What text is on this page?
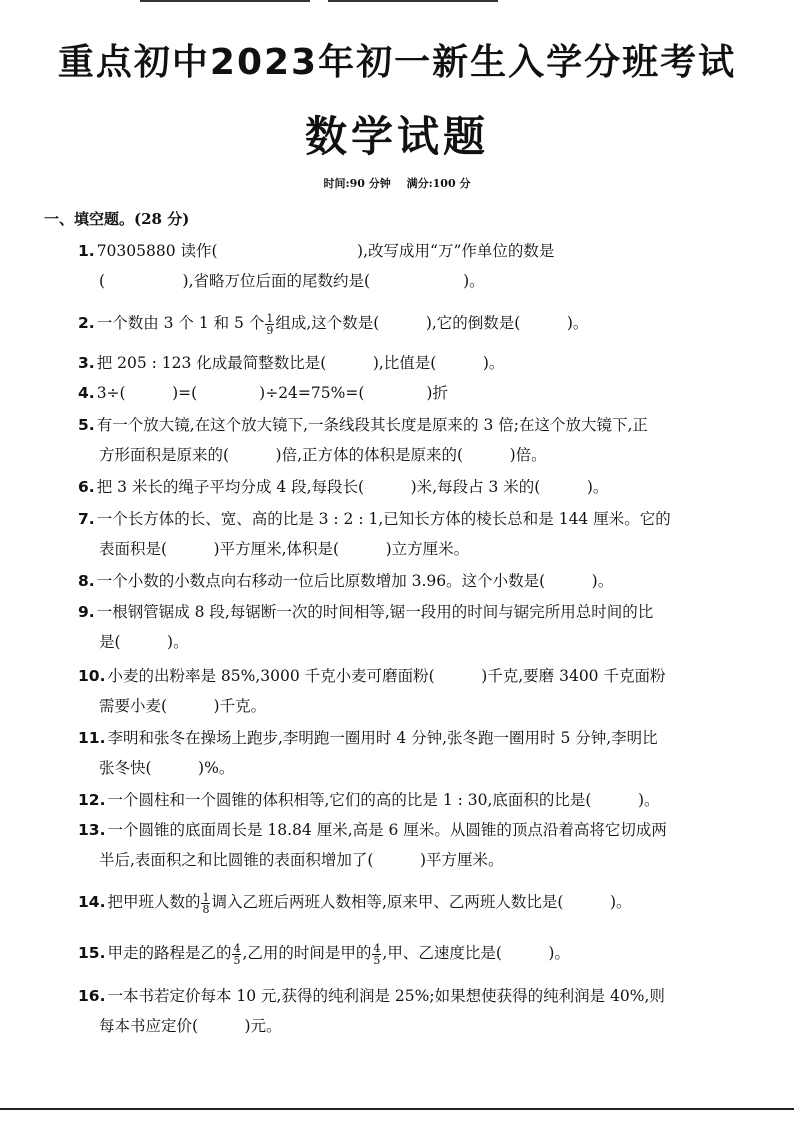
重点初中2023年初一新生入学分班考试
数学试题
时间:90 分钟 满分:100 分
一、填空题。(28 分)
1. 70305880 读作(　　　　　　　　　),改写成用“万”作单位的数是
(　　　　　),省略万位后面的尾数约是(　　　　　　)。
2. 一个数由 3 个 1 和 5 个 $\frac{1}{9}$ 组成,这个数是(　　　),它的倒数是(　　　)。
3. 把 205 : 123 化成最简整数比是(　　　),比值是(　　　)。
4. 3÷(　　　)=(　　　　)÷24=75%=(　　　　)折
5. 有一个放大镜,在这个放大镜下,一条线段其长度是原来的 3 倍;在这个放大镜下,正
方形面积是原来的(　　　)倍,正方体的体积是原来的(　　　)倍。
6. 把 3 米长的绳子平均分成 4 段,每段长(　　　)米,每段占 3 米的(　　　)。
7. 一个长方体的长、宽、高的比是 3 : 2 : 1,已知长方体的棱长总和是 144 厘米。它的
表面积是(　　　)平方厘米,体积是(　　　)立方厘米。
8. 一个小数的小数点向右移动一位后比原数增加 3.96。这个小数是(　　　)。
9. 一根钢管锯成 8 段,每锯断一次的时间相等,锯一段用的时间与锯完所用总时间的比
是(　　　)。
10. 小麦的出粉率是 85%,3000 千克小麦可磨面粉(　　　)千克,要磨 3400 千克面粉
需要小麦(　　　)千克。
11. 李明和张冬在操场上跑步,李明跑一圈用时 4 分钟,张冬跑一圈用时 5 分钟,李明比
张冬快(　　　)%。
12. 一个圆柱和一个圆锥的体积相等,它们的高的比是 1 : 30,底面积的比是(　　　)。
13. 一个圆锥的底面周长是 18.84 厘米,高是 6 厘米。从圆锥的顶点沿着高将它切成两
半后,表面积之和比圆锥的表面积增加了(　　　)平方厘米。
14. 把甲班人数的 $\frac{1}{8}$ 调入乙班后两班人数相等,原来甲、乙两班人数比是(　　　)。
15. 甲走的路程是乙的 $\frac{4}{5}$ ,乙用的时间是甲的 $\frac{4}{5}$ ,甲、乙速度比是(　　　)。
16. 一本书若定价每本 10 元,获得的纯利润是 25%;如果想使获得的纯利润是 40%,则
每本书应定价(　　　)元。
